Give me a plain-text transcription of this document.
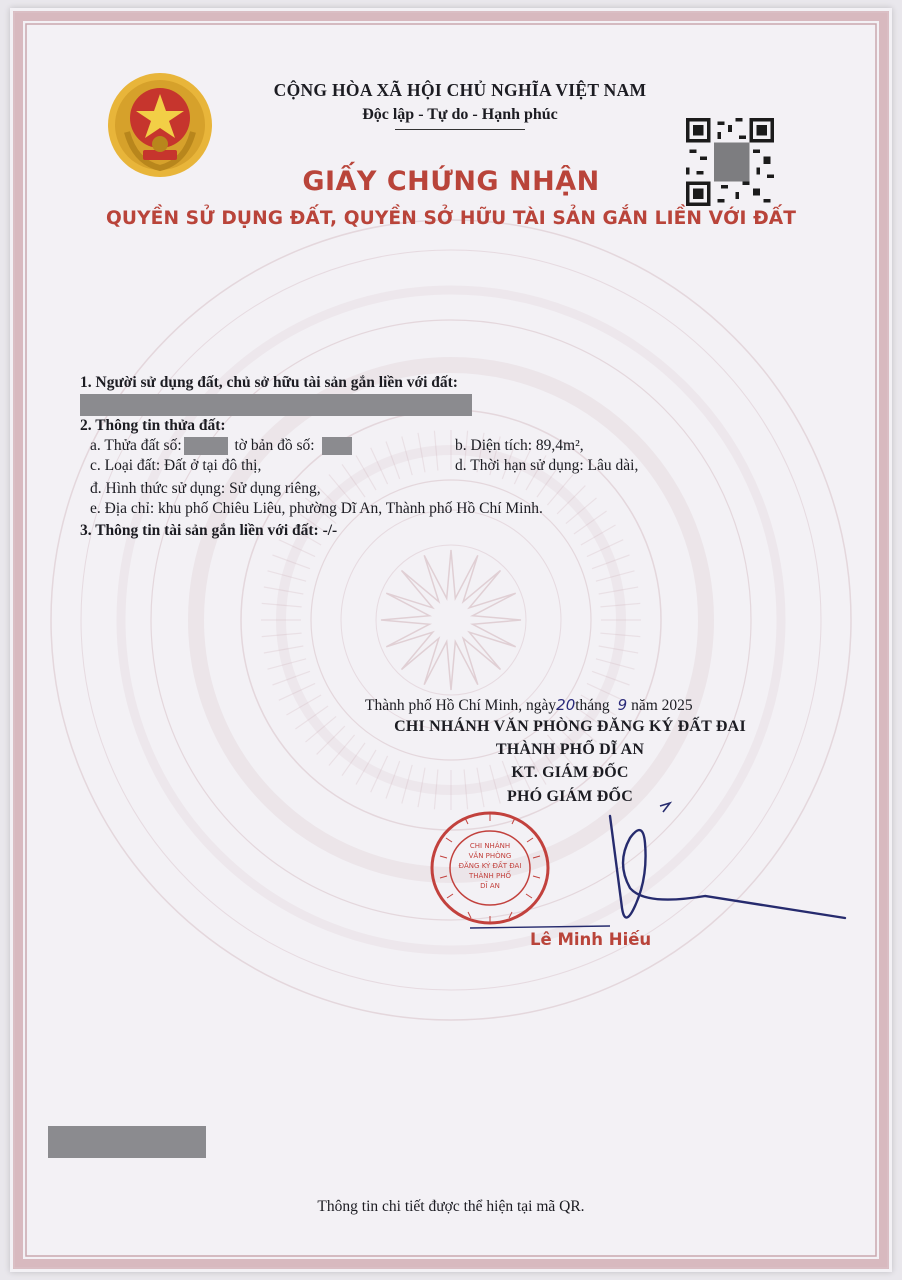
CỘNG HÒA XÃ HỘI CHỦ NGHĨA VIỆT NAM
Độc lập - Tự do - Hạnh phúc
GIẤY CHỨNG NHẬN
QUYỀN SỬ DỤNG ĐẤT, QUYỀN SỞ HỮU TÀI SẢN GẮN LIỀN VỚI ĐẤT
1. Người sử dụng đất, chủ sở hữu tài sản gắn liền với đất:
2. Thông tin thửa đất:
a. Thửa đất số:	tờ bản đồ số:	b. Diện tích: 89,4m²,
c. Loại đất: Đất ở tại đô thị,	d. Thời hạn sử dụng: Lâu dài,
đ. Hình thức sử dụng: Sử dụng riêng,
e. Địa chỉ: khu phố Chiêu Liêu, phường Dĩ An, Thành phố Hồ Chí Minh.
3. Thông tin tài sản gắn liền với đất: -/-
Thành phố Hồ Chí Minh, ngày20tháng 9 năm 2025
CHI NHÁNH VĂN PHÒNG ĐĂNG KÝ ĐẤT ĐAI
THÀNH PHỐ DĨ AN
KT. GIÁM ĐỐC
PHÓ GIÁM ĐỐC
CHI NHÁNH
VĂN PHÒNG
ĐĂNG KÝ ĐẤT ĐAI
THÀNH PHỐ
DĨ AN
Lê Minh Hiếu
Thông tin chi tiết được thể hiện tại mã QR.
